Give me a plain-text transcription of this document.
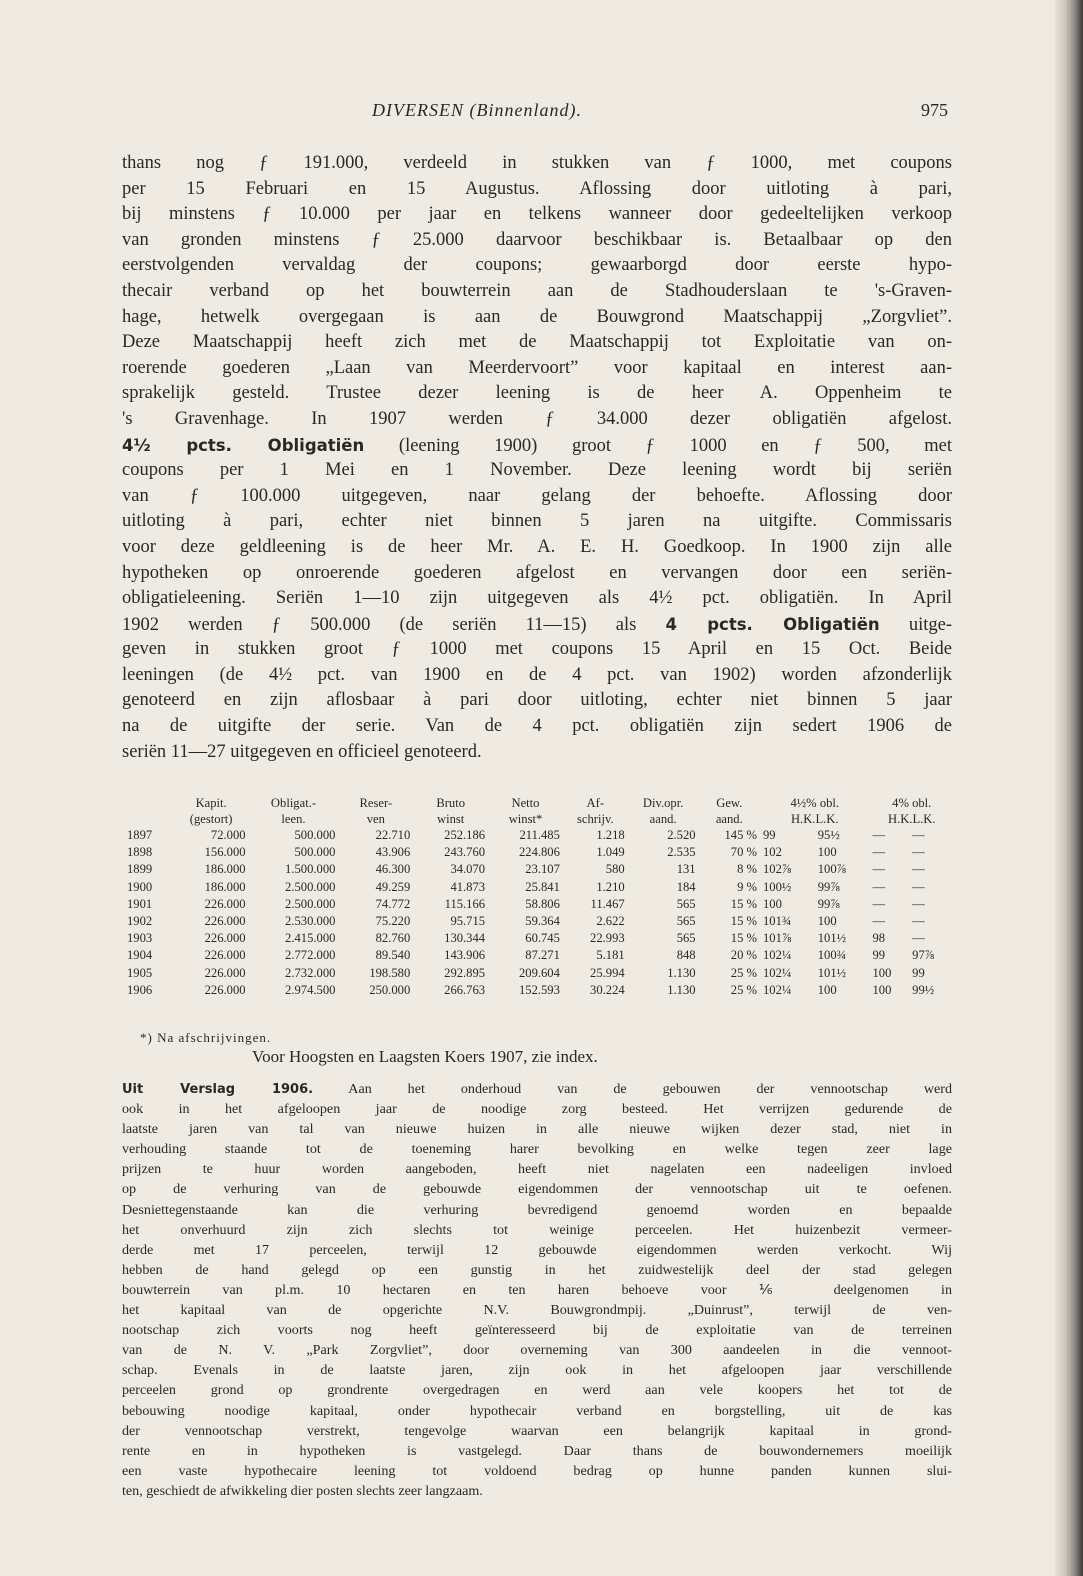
DIVERSEN (Binnenland).	975
thans nog ƒ 191.000, verdeeld in stukken van ƒ 1000, met coupons
per 15 Februari en 15 Augustus. Aflossing door uitloting à pari,
bij minstens ƒ 10.000 per jaar en telkens wanneer door gedeeltelijken verkoop
van gronden minstens ƒ 25.000 daarvoor beschikbaar is. Betaalbaar op den
eerstvolgenden vervaldag der coupons; gewaarborgd door eerste hypo-
thecair verband op het bouwterrein aan de Stadhouderslaan te 's-Graven-
hage, hetwelk overgegaan is aan de Bouwgrond Maatschappij „Zorgvliet”.
Deze Maatschappij heeft zich met de Maatschappij tot Exploitatie van on-
roerende goederen „Laan van Meerdervoort” voor kapitaal en interest aan-
sprakelijk gesteld. Trustee dezer leening is de heer A. Oppenheim te
's Gravenhage. In 1907 werden ƒ 34.000 dezer obligatiën afgelost.
4½ pcts. Obligatiën (leening 1900) groot ƒ 1000 en ƒ 500, met
coupons per 1 Mei en 1 November. Deze leening wordt bij seriën
van ƒ 100.000 uitgegeven, naar gelang der behoefte. Aflossing door
uitloting à pari, echter niet binnen 5 jaren na uitgifte. Commissaris
voor deze geldleening is de heer Mr. A. E. H. Goedkoop. In 1900 zijn alle
hypotheken op onroerende goederen afgelost en vervangen door een seriën-
obligatieleening. Seriën 1—10 zijn uitgegeven als 4½ pct. obligatiën. In April
1902 werden ƒ 500.000 (de seriën 11—15) als 4 pcts. Obligatiën uitge-
geven in stukken groot ƒ 1000 met coupons 15 April en 15 Oct. Beide
leeningen (de 4½ pct. van 1900 en de 4 pct. van 1902) worden afzonderlijk
genoteerd en zijn aflosbaar à pari door uitloting, echter niet binnen 5 jaar
na de uitgifte der serie. Van de 4 pct. obligatiën zijn sedert 1906 de
seriën 11—27 uitgegeven en officieel genoteerd.
	Kapit.	Obligat.-	Reser-	Bruto	Netto	Af-	Div.opr.	Gew.	4½% obl.		4% obl.	
	(gestort)	leen.	ven	winst	winst*	schrijv.	aand.	aand.	H.K.L.K.		H.K.L.K.	
1897	72.000	500.000	22.710	252.186	211.485	1.218	2.520	145 %	99	95½	—	—
1898	156.000	500.000	43.906	243.760	224.806	1.049	2.535	70 %	102	100	—	—
1899	186.000	1.500.000	46.300	34.070	23.107	580	131	8 %	102⅞	100⅞	—	—
1900	186.000	2.500.000	49.259	41.873	25.841	1.210	184	9 %	100½	99⅞	—	—
1901	226.000	2.500.000	74.772	115.166	58.806	11.467	565	15 %	100	99⅞	—	—
1902	226.000	2.530.000	75.220	95.715	59.364	2.622	565	15 %	101¾	100	—	—
1903	226.000	2.415.000	82.760	130.344	60.745	22.993	565	15 %	101⅞	101½	98	—
1904	226.000	2.772.000	89.540	143.906	87.271	5.181	848	20 %	102¼	100¾	99	97⅞
1905	226.000	2.732.000	198.580	292.895	209.604	25.994	1.130	25 %	102¼	101½	100	99
1906	226.000	2.974.500	250.000	266.763	152.593	30.224	1.130	25 %	102¼	100	100	99½
*) Na afschrijvingen.
Voor Hoogsten en Laagsten Koers 1907, zie index.
Uit Verslag 1906. Aan het onderhoud van de gebouwen der vennootschap werd
ook in het afgeloopen jaar de noodige zorg besteed. Het verrijzen gedurende de
laatste jaren van tal van nieuwe huizen in alle nieuwe wijken dezer stad, niet in
verhouding staande tot de toeneming harer bevolking en welke tegen zeer lage
prijzen te huur worden aangeboden, heeft niet nagelaten een nadeeligen invloed
op de verhuring van de gebouwde eigendommen der vennootschap uit te oefenen.
Desniettegenstaande kan die verhuring bevredigend genoemd worden en bepaalde
het onverhuurd zijn zich slechts tot weinige perceelen. Het huizenbezit vermeer-
derde met 17 perceelen, terwijl 12 gebouwde eigendommen werden verkocht. Wij
hebben de hand gelegd op een gunstig in het zuidwestelijk deel der stad gelegen
bouwterrein van pl.m. 10 hectaren en ten haren behoeve voor ⅙ deelgenomen in
het kapitaal van de opgerichte N.V. Bouwgrondmpij. „Duinrust”, terwijl de ven-
nootschap zich voorts nog heeft geïnteresseerd bij de exploitatie van de terreinen
van de N. V. „Park Zorgvliet”, door overneming van 300 aandeelen in die vennoot-
schap. Evenals in de laatste jaren, zijn ook in het afgeloopen jaar verschillende
perceelen grond op grondrente overgedragen en werd aan vele koopers het tot de
bebouwing noodige kapitaal, onder hypothecair verband en borgstelling, uit de kas
der vennootschap verstrekt, tengevolge waarvan een belangrijk kapitaal in grond-
rente en in hypotheken is vastgelegd. Daar thans de bouwondernemers moeilijk
een vaste hypothecaire leening tot voldoend bedrag op hunne panden kunnen slui-
ten, geschiedt de afwikkeling dier posten slechts zeer langzaam.
